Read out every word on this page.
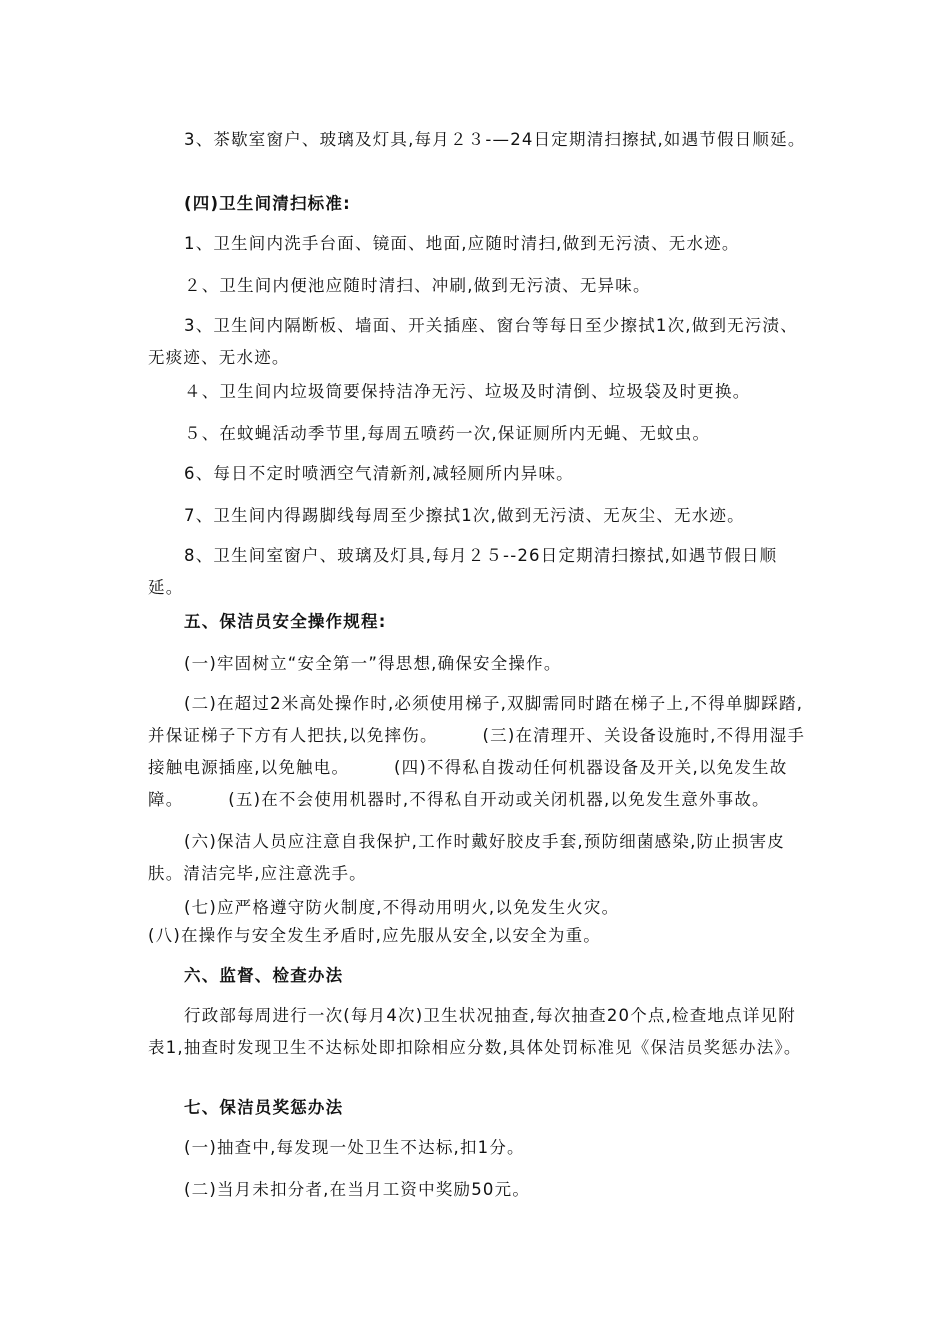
3、茶歇室窗户、玻璃及灯具,每月２３-—24日定期清扫擦拭,如遇节假日顺延。
(四)卫生间清扫标准:
1、卫生间内洗手台面、镜面、地面,应随时清扫,做到无污渍、无水迹。
２、卫生间内便池应随时清扫、冲刷,做到无污渍、无异味。
3、卫生间内隔断板、墙面、开关插座、窗台等每日至少擦拭1次,做到无污渍、无痰迹、无水迹。
４、卫生间内垃圾筒要保持洁净无污、垃圾及时清倒、垃圾袋及时更换。
５、在蚊蝇活动季节里,每周五喷药一次,保证厕所内无蝇、无蚊虫。
6、每日不定时喷洒空气清新剂,减轻厕所内异味。
7、卫生间内得踢脚线每周至少擦拭1次,做到无污渍、无灰尘、无水迹。
8、卫生间室窗户、玻璃及灯具,每月２５--26日定期清扫擦拭,如遇节假日顺延。
五、保洁员安全操作规程:
(一)牢固树立“安全第一”得思想,确保安全操作。
(二)在超过2米高处操作时,必须使用梯子,双脚需同时踏在梯子上,不得单脚踩踏,并保证梯子下方有人把扶,以免摔伤。　　　(三)在清理开、关设备设施时,不得用湿手接触电源插座,以免触电。　　　(四)不得私自拨动任何机器设备及开关,以免发生故障。　　　(五)在不会使用机器时,不得私自开动或关闭机器,以免发生意外事故。
(六)保洁人员应注意自我保护,工作时戴好胶皮手套,预防细菌感染,防止损害皮肤。清洁完毕,应注意洗手。
(七)应严格遵守防火制度,不得动用明火,以免发生火灾。
(八)在操作与安全发生矛盾时,应先服从安全,以安全为重。
六、监督、检查办法
行政部每周进行一次(每月4次)卫生状况抽查,每次抽查20个点,检查地点详见附表1,抽查时发现卫生不达标处即扣除相应分数,具体处罚标准见《保洁员奖惩办法》。
七、保洁员奖惩办法
(一)抽查中,每发现一处卫生不达标,扣1分。
(二)当月未扣分者,在当月工资中奖励50元。
